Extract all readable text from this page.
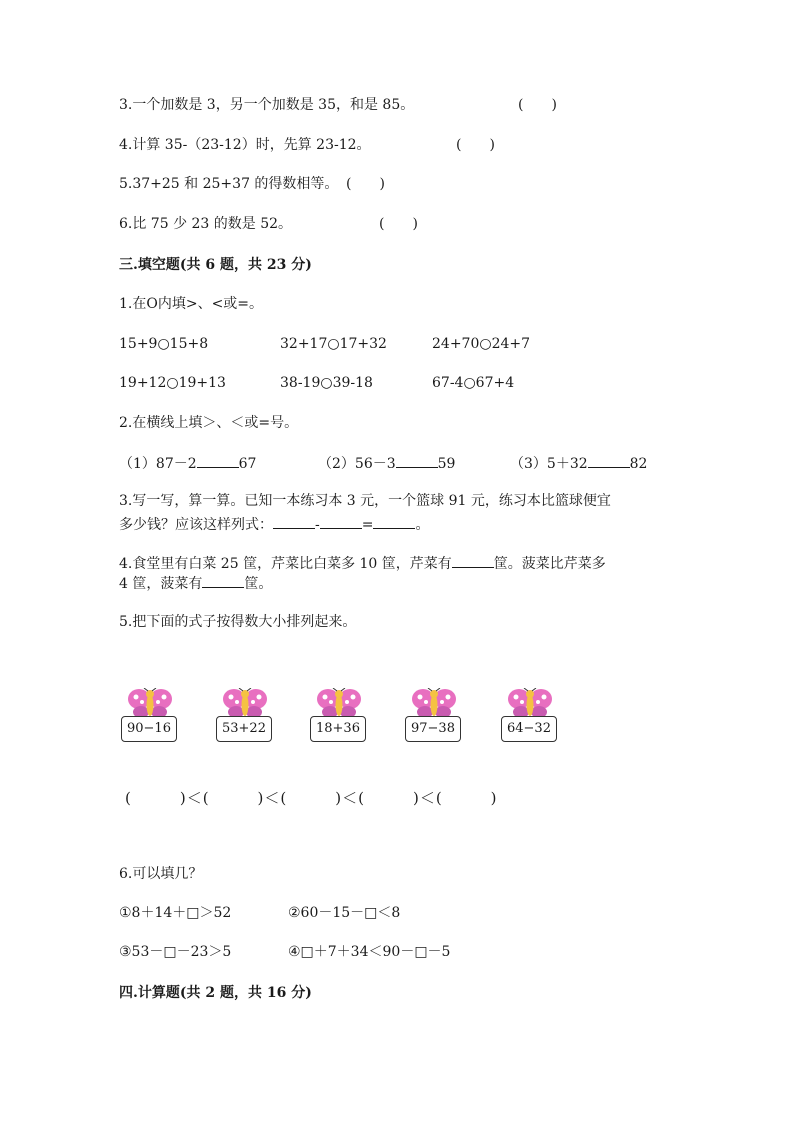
3.一个加数是 3，另一个加数是 35，和是 85。	(　　)
4.计算 35-（23-12）时，先算 23-12。	(　　)
5.37+25 和 25+37 的得数相等。 (　　)
6.比 75 少 23 的数是 52。	(　　)
三.填空题(共 6 题，共 23 分)
1.在O内填>、<或=。
15+9○15+8	32+17○17+32	24+70○24+7
19+12○19+13	38-19○39-18	67-4○67+4
2.在横线上填＞、＜或=号。
（1）87－2	67	（2）56－3	59	（3）5＋32	82
3.写一写，算一算。已知一本练习本 3 元，一个篮球 91 元，练习本比篮球便宜
多少钱？应该这样列式：	-	=	。
4.食堂里有白菜 25 筐，芹菜比白菜多 10 筐，芹菜有	筐。菠菜比芹菜多
4 筐，菠菜有	筐。
5.把下面的式子按得数大小排列起来。
90−16	53+22	18+36	97−38	64−32
(　　　)＜(　　　)＜(　　　)＜(　　　)＜(　　　)
6.可以填几？
①8＋14＋□＞52	②60－15－□＜8
③53－□－23＞5	④□＋7＋34＜90－□－5
四.计算题(共 2 题，共 16 分)
